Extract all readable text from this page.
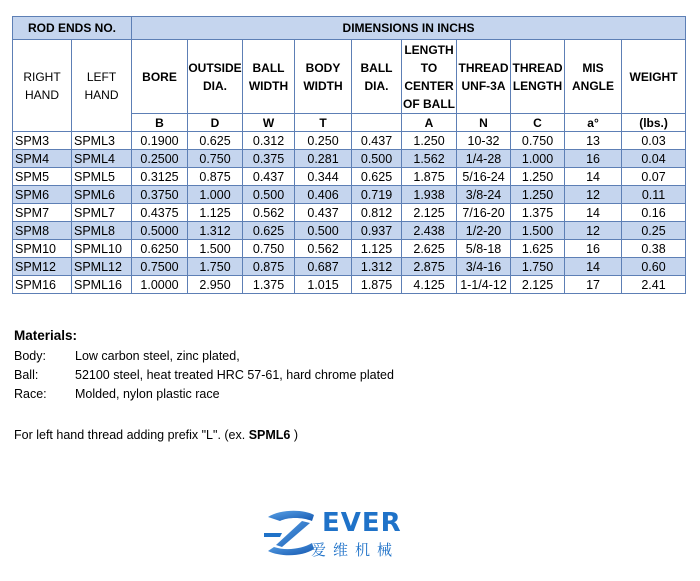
ROD ENDS NO.		DIMENSIONS IN INCHS									
RIGHT HAND	LEFT HAND	BORE	OUTSIDE DIA.	BALL WIDTH	BODY WIDTH	BALL DIA.	LENGTH TO CENTER OF BALL	THREAD UNF-3A	THREAD LENGTH	MIS ANGLE	WEIGHT
		B	D	W	T		A	N	C	a°	(lbs.)
SPM3	SPML3	0.1900	0.625	0.312	0.250	0.437	1.250	10-32	0.750	13	0.03
SPM4	SPML4	0.2500	0.750	0.375	0.281	0.500	1.562	1/4-28	1.000	16	0.04
SPM5	SPML5	0.3125	0.875	0.437	0.344	0.625	1.875	5/16-24	1.250	14	0.07
SPM6	SPML6	0.3750	1.000	0.500	0.406	0.719	1.938	3/8-24	1.250	12	0.11
SPM7	SPML7	0.4375	1.125	0.562	0.437	0.812	2.125	7/16-20	1.375	14	0.16
SPM8	SPML8	0.5000	1.312	0.625	0.500	0.937	2.438	1/2-20	1.500	12	0.25
SPM10	SPML10	0.6250	1.500	0.750	0.562	1.125	2.625	5/8-18	1.625	16	0.38
SPM12	SPML12	0.7500	1.750	0.875	0.687	1.312	2.875	3/4-16	1.750	14	0.60
SPM16	SPML16	1.0000	2.950	1.375	1.015	1.875	4.125	1-1/4-12	2.125	17	2.41
Materials:
Body: Low carbon steel, zinc plated,
Ball:	52100 steel, heat treated HRC 57-61, hard chrome plated
Race: Molded, nylon plastic race
For left hand thread adding prefix "L". (ex. SPML6 )
EVER
爱维机械
